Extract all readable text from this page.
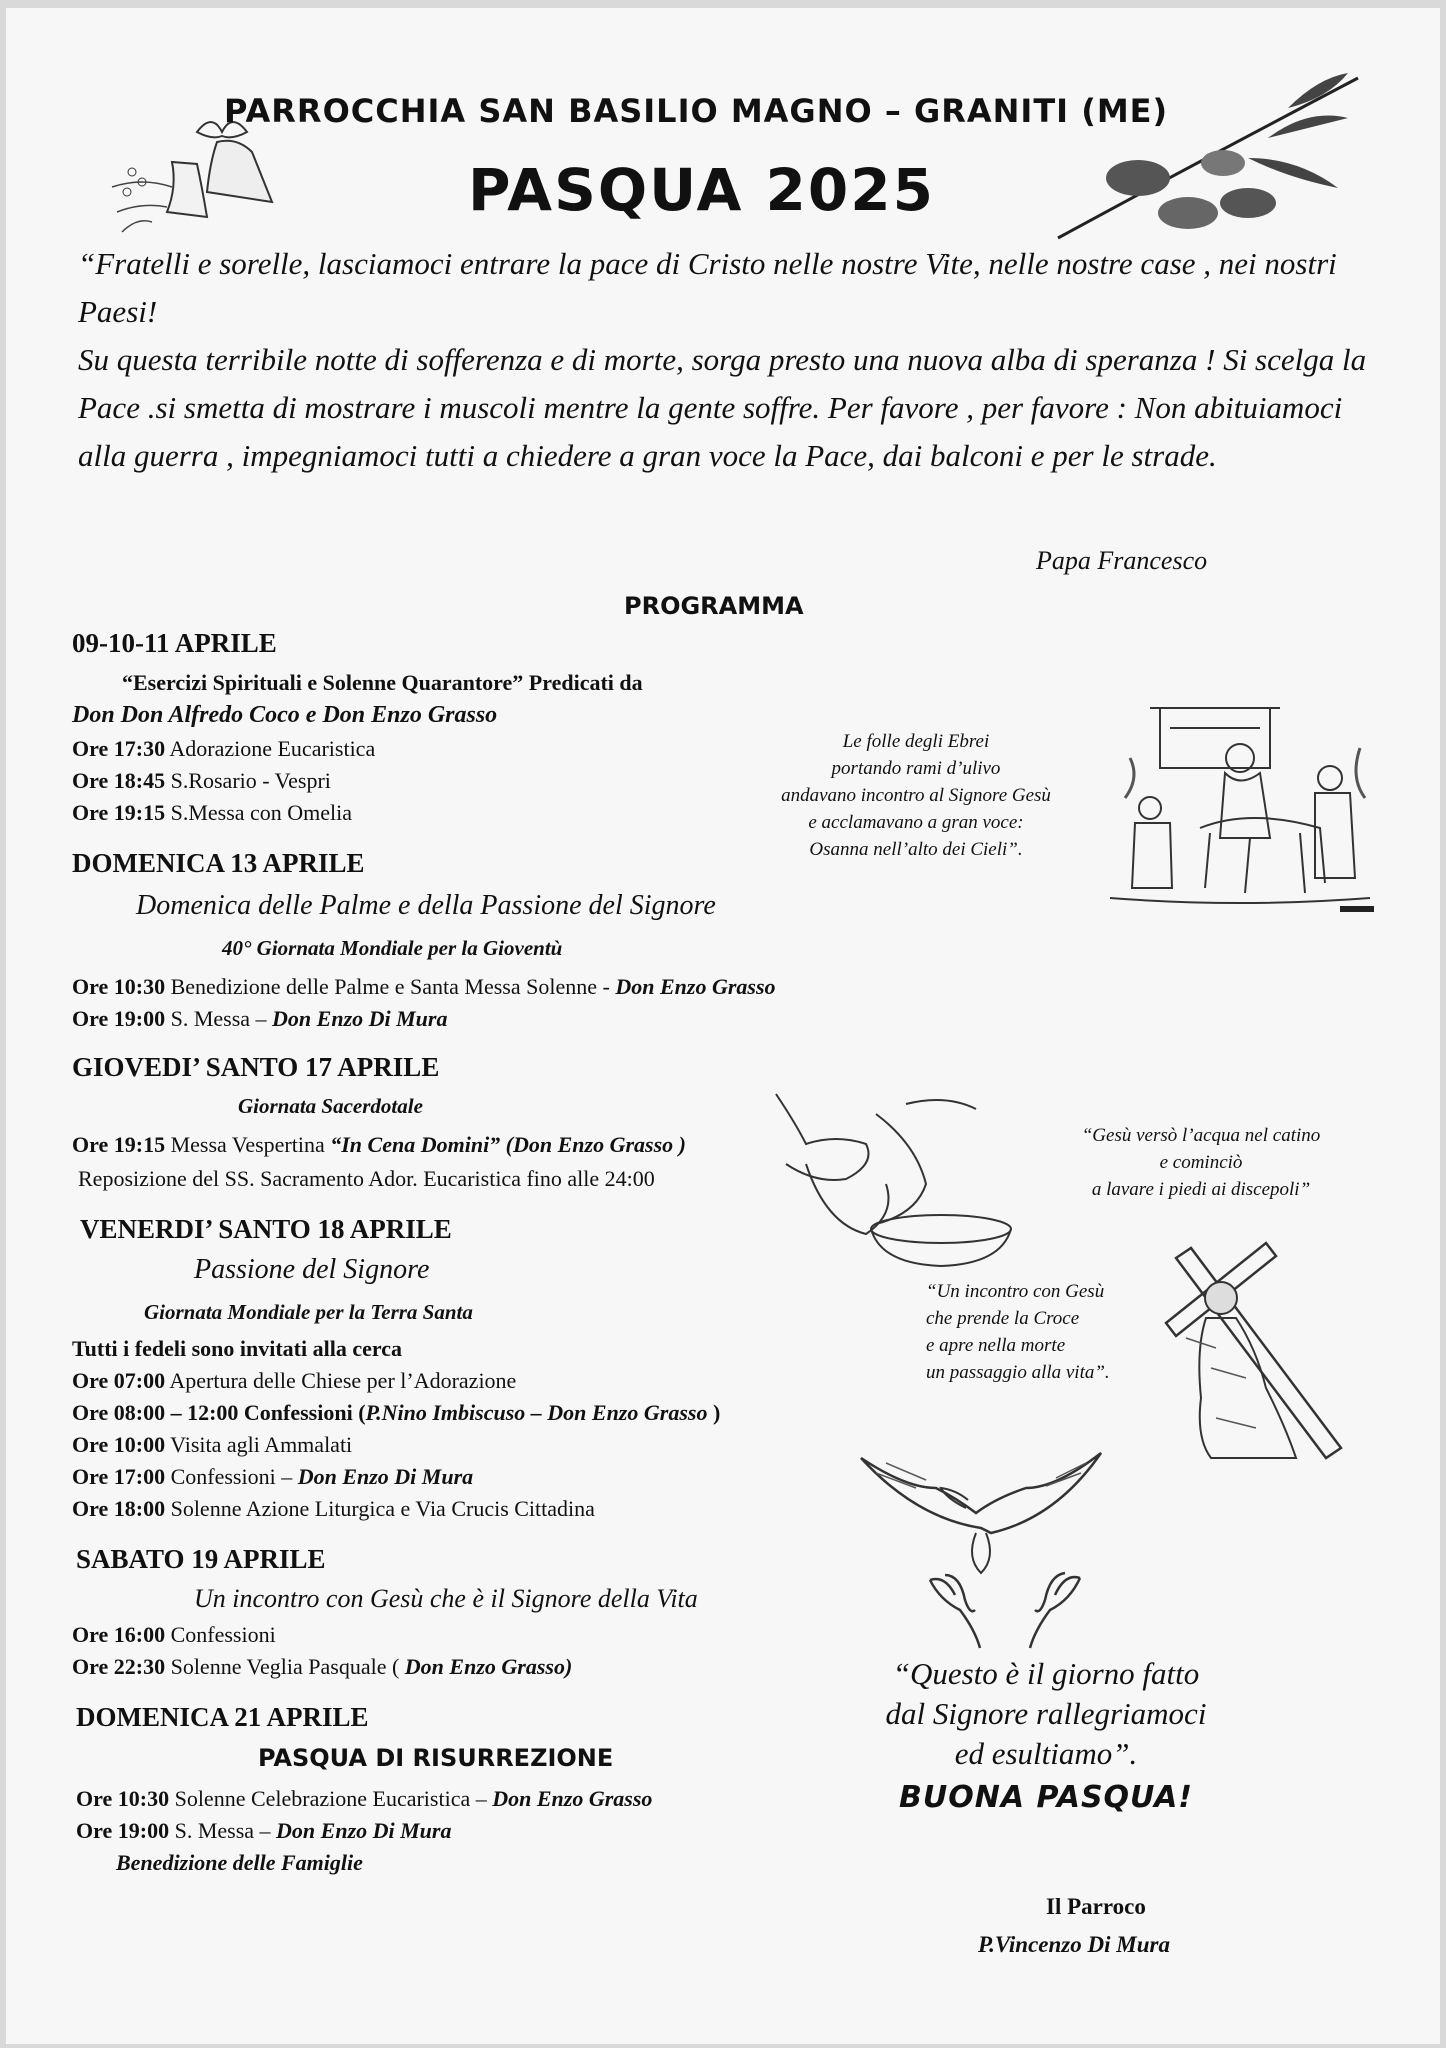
PARROCCHIA SAN BASILIO MAGNO – GRANITI (ME)
PASQUA 2025

“Fratelli e sorelle, lasciamoci entrare la pace di Cristo nelle nostre Vite, nelle nostre case , nei nostri Paesi!

Su questa terribile notte di sofferenza e di morte, sorga presto una nuova alba di speranza ! Si scelga la Pace .si smetta di mostrare i muscoli mentre la gente soffre. Per favore , per favore : Non abituiamoci alla guerra , impegniamoci tutti a chiedere a gran voce la Pace, dai balconi e per le strade.

Papa Francesco
PROGRAMMA
09-10-11 APRILE
“Esercizi Spirituali e Solenne Quarantore” Predicati da
Don Don Alfredo Coco e Don Enzo Grasso
Ore 17:30 Adorazione Eucaristica
Ore 18:45 S.Rosario - Vespri
Ore 19:15 S.Messa con Omelia
DOMENICA 13 APRILE
Domenica delle Palme e della Passione del Signore
40° Giornata Mondiale per la Gioventù
Ore 10:30 Benedizione delle Palme e Santa Messa Solenne - Don Enzo Grasso
Ore 19:00 S. Messa – Don Enzo Di Mura
GIOVEDI’ SANTO 17 APRILE
Giornata Sacerdotale
Ore 19:15 Messa Vespertina “In Cena Domini” (Don Enzo Grasso )
Reposizione del SS. Sacramento Ador. Eucaristica fino alle 24:00
VENERDI’ SANTO 18 APRILE
Passione del Signore
Giornata Mondiale per la Terra Santa
Tutti i fedeli sono invitati alla cerca
Ore 07:00 Apertura delle Chiese per l’Adorazione
Ore 08:00 – 12:00 Confessioni (P.Nino Imbiscuso – Don Enzo Grasso )
Ore 10:00 Visita agli Ammalati
Ore 17:00 Confessioni – Don Enzo Di Mura
Ore 18:00 Solenne Azione Liturgica e Via Crucis Cittadina
SABATO 19 APRILE
Un incontro con Gesù che è il Signore della Vita
Ore 16:00 Confessioni
Ore 22:30 Solenne Veglia Pasquale ( Don Enzo Grasso)
DOMENICA 21 APRILE
PASQUA DI RISURREZIONE
Ore 10:30 Solenne Celebrazione Eucaristica – Don Enzo Grasso
Ore 19:00 S. Messa – Don Enzo Di Mura
Benedizione delle Famiglie

Le folle degli Ebrei

portando rami d’ulivo

andavano incontro al Signore Gesù

e acclamavano a gran voce:

Osanna nell’alto dei Cieli”.

“Gesù versò l’acqua nel catino

e cominciò

a lavare i piedi ai discepoli”

“Un incontro con Gesù

che prende la Croce

e apre nella morte

un passaggio alla vita”.

“Questo è il giorno fatto

dal Signore rallegriamoci

ed esultiamo”.

BUONA PASQUA!
Il Parroco
P.Vincenzo Di Mura
